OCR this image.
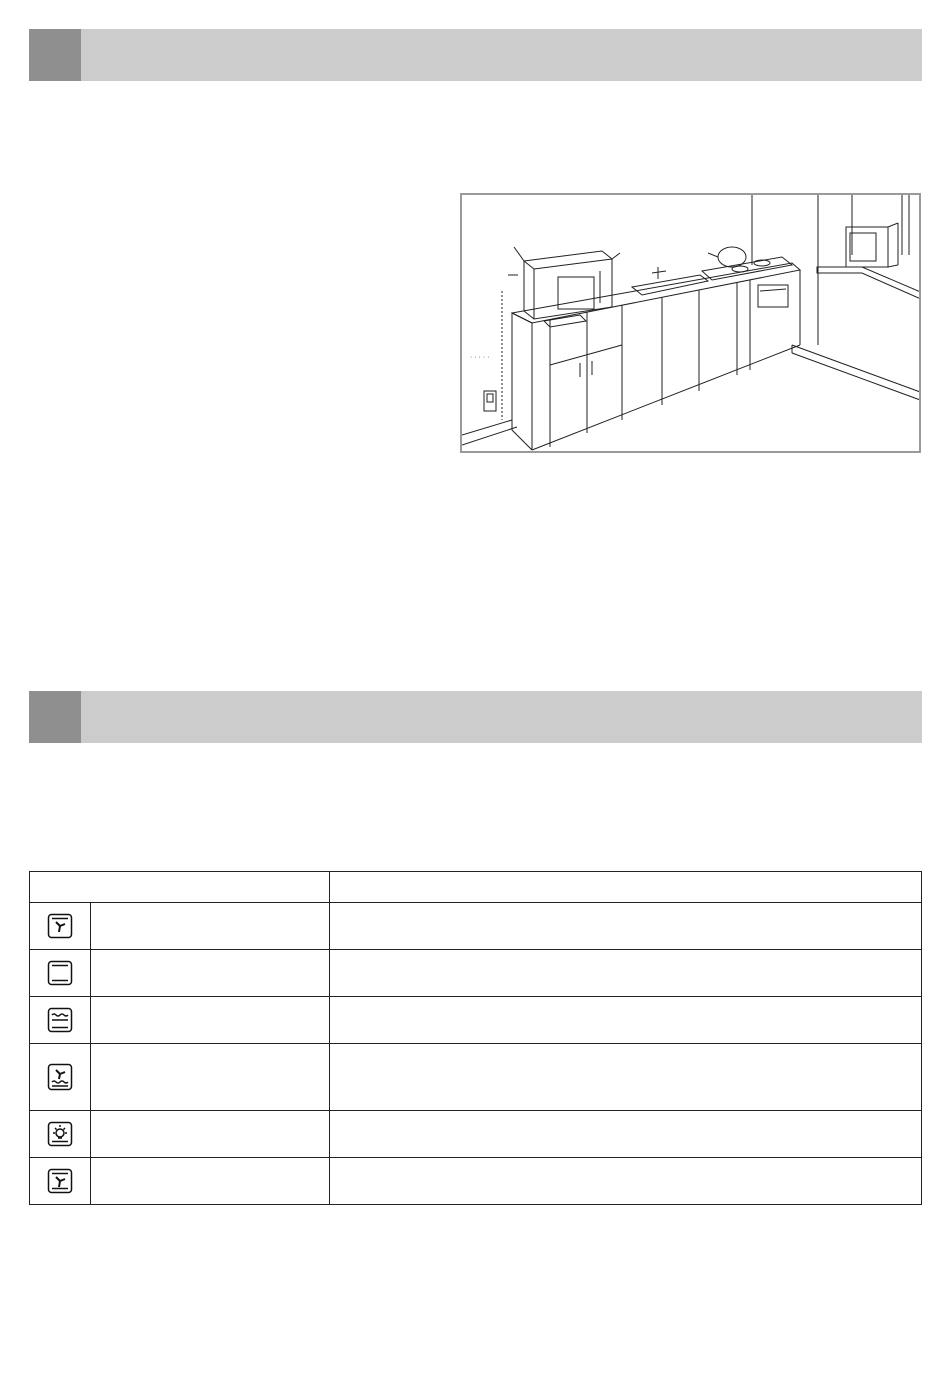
· · · · ·
